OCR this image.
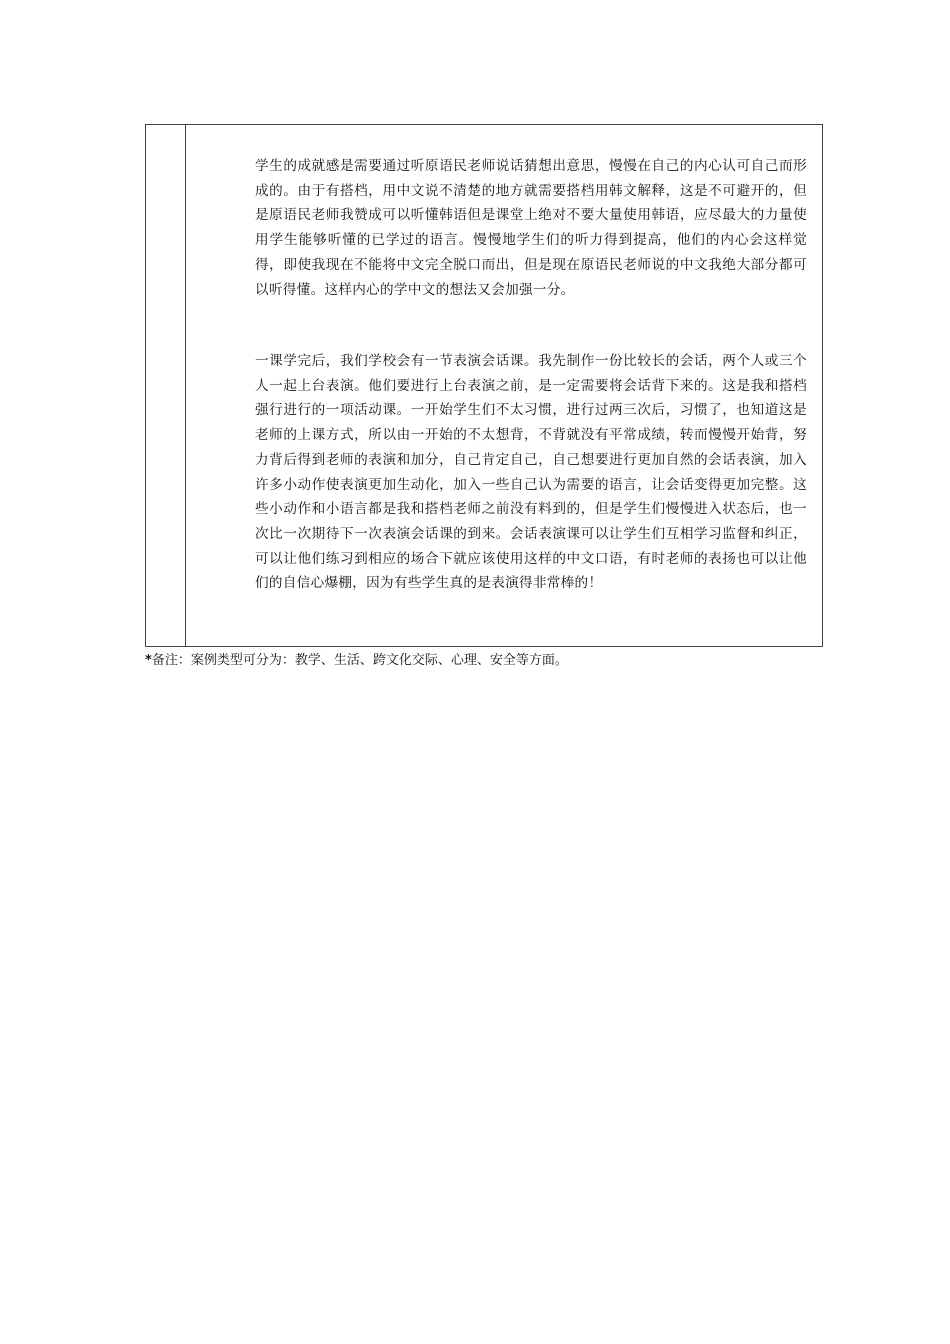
学生的成就感是需要通过听原语民老师说话猜想出意思，慢慢在自己的内心认可自己而形成的。由于有搭档，用中文说不清楚的地方就需要搭档用韩文解释，这是不可避开的，但是原语民老师我赞成可以听懂韩语但是课堂上绝对不要大量使用韩语，应尽最大的力量使用学生能够听懂的已学过的语言。慢慢地学生们的听力得到提高，他们的内心会这样觉得，即使我现在不能将中文完全脱口而出，但是现在原语民老师说的中文我绝大部分都可以听得懂。这样内心的学中文的想法又会加强一分。

一课学完后，我们学校会有一节表演会话课。我先制作一份比较长的会话，两个人或三个人一起上台表演。他们要进行上台表演之前，是一定需要将会话背下来的。这是我和搭档强行进行的一项活动课。一开始学生们不太习惯，进行过两三次后，习惯了，也知道这是老师的上课方式，所以由一开始的不太想背，不背就没有平常成绩，转而慢慢开始背，努力背后得到老师的表演和加分，自己肯定自己，自己想要进行更加自然的会话表演，加入许多小动作使表演更加生动化，加入一些自己认为需要的语言，让会话变得更加完整。这些小动作和小语言都是我和搭档老师之前没有料到的，但是学生们慢慢进入状态后，也一次比一次期待下一次表演会话课的到来。会话表演课可以让学生们互相学习监督和纠正，可以让他们练习到相应的场合下就应该使用这样的中文口语，有时老师的表扬也可以让他们的自信心爆棚，因为有些学生真的是表演得非常棒的！

*备注：案例类型可分为：教学、生活、跨文化交际、心理、安全等方面。
